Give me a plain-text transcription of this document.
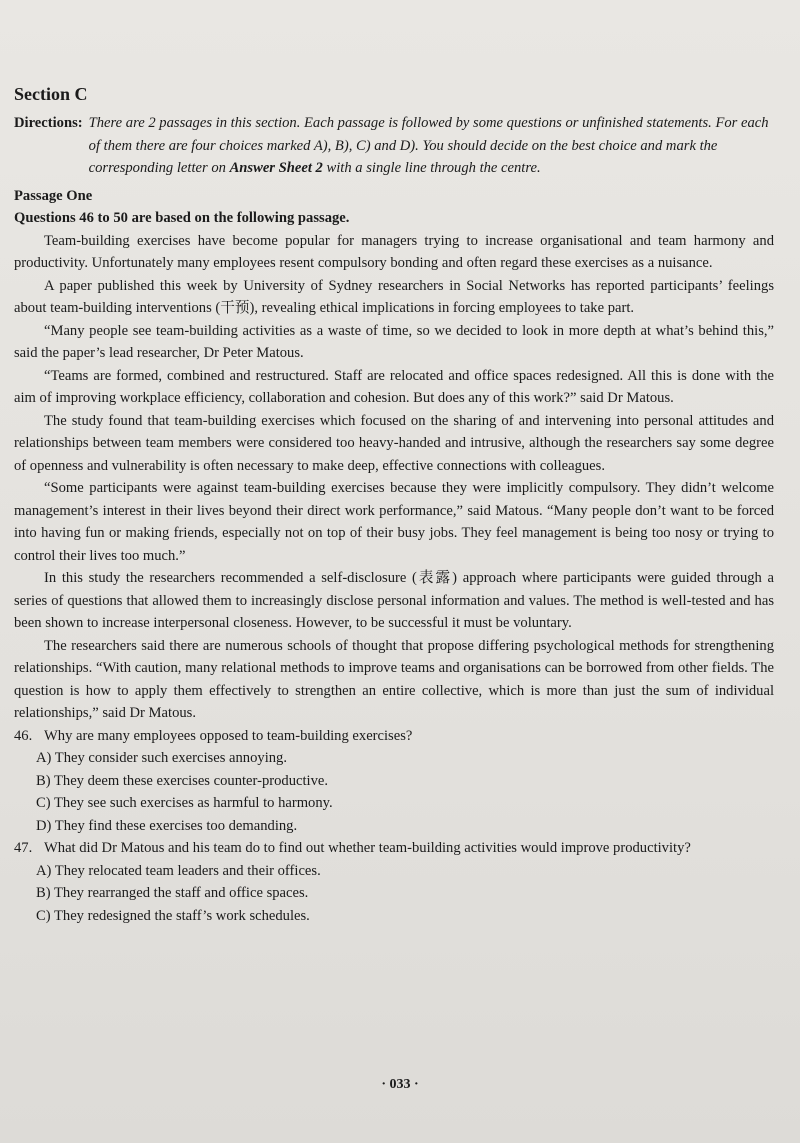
Section C
Directions: There are 2 passages in this section. Each passage is followed by some questions or unfinished statements. For each of them there are four choices marked A), B), C) and D). You should decide on the best choice and mark the corresponding letter on Answer Sheet 2 with a single line through the centre.
Passage One
Questions 46 to 50 are based on the following passage.

Team-building exercises have become popular for managers trying to increase organisational and team harmony and productivity. Unfortunately many employees resent compulsory bonding and often regard these exercises as a nuisance.

A paper published this week by University of Sydney researchers in Social Networks has reported participants’ feelings about team-building interventions (干预), revealing ethical implications in forcing employees to take part.

“Many people see team-building activities as a waste of time, so we decided to look in more depth at what’s behind this,” said the paper’s lead researcher, Dr Peter Matous.

“Teams are formed, combined and restructured. Staff are relocated and office spaces redesigned. All this is done with the aim of improving workplace efficiency, collaboration and cohesion. But does any of this work?” said Dr Matous.

The study found that team-building exercises which focused on the sharing of and intervening into personal attitudes and relationships between team members were considered too heavy-handed and intrusive, although the researchers say some degree of openness and vulnerability is often necessary to make deep, effective connections with colleagues.

“Some participants were against team-building exercises because they were implicitly compulsory. They didn’t welcome management’s interest in their lives beyond their direct work performance,” said Matous. “Many people don’t want to be forced into having fun or making friends, especially not on top of their busy jobs. They feel management is being too nosy or trying to control their lives too much.”

In this study the researchers recommended a self-disclosure (表露) approach where participants were guided through a series of questions that allowed them to increasingly disclose personal information and values. The method is well-tested and has been shown to increase interpersonal closeness. However, to be successful it must be voluntary.

The researchers said there are numerous schools of thought that propose differing psychological methods for strengthening relationships. “With caution, many relational methods to improve teams and organisations can be borrowed from other fields. The question is how to apply them effectively to strengthen an entire collective, which is more than just the sum of individual relationships,” said Dr Matous.

46. Why are many employees opposed to team-building exercises?

A) They consider such exercises annoying.
B) They deem these exercises counter-productive.
C) They see such exercises as harmful to harmony.
D) They find these exercises too demanding.

47. What did Dr Matous and his team do to find out whether team-building activities would improve productivity?

A) They relocated team leaders and their offices.
B) They rearranged the staff and office spaces.
C) They redesigned the staff’s work schedules.
· 033 ·
